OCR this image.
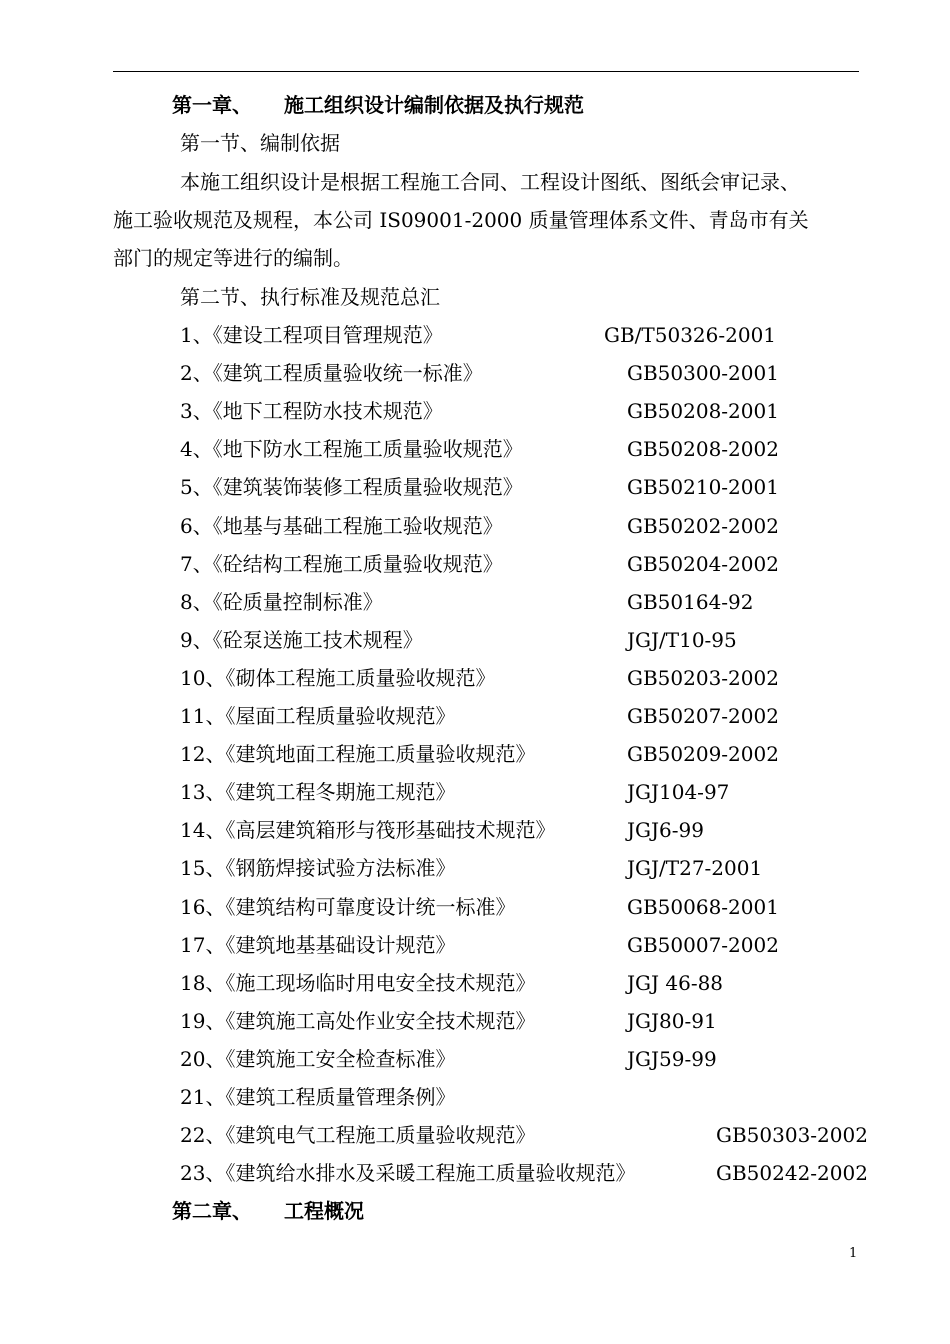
第一章、 施工组织设计编制依据及执行规范
第一节、编制依据
本施工组织设计是根据工程施工合同、工程设计图纸、图纸会审记录、
施工验收规范及规程，本公司 IS09001-2000 质量管理体系文件、青岛市有关
部门的规定等进行的编制。
第二节、执行标准及规范总汇
1、《建设工程项目管理规范》	GB/T50326-2001
2、《建筑工程质量验收统一标准》	GB50300-2001
3、《地下工程防水技术规范》	GB50208-2001
4、《地下防水工程施工质量验收规范》	GB50208-2002
5、《建筑装饰装修工程质量验收规范》	GB50210-2001
6、《地基与基础工程施工验收规范》	GB50202-2002
7、《砼结构工程施工质量验收规范》	GB50204-2002
8、《砼质量控制标准》	GB50164-92
9、《砼泵送施工技术规程》	JGJ/T10-95
10、《砌体工程施工质量验收规范》	GB50203-2002
11、《屋面工程质量验收规范》	GB50207-2002
12、《建筑地面工程施工质量验收规范》	GB50209-2002
13、《建筑工程冬期施工规范》	JGJ104-97
14、《高层建筑箱形与筏形基础技术规范》	JGJ6-99
15、《钢筋焊接试验方法标准》	JGJ/T27-2001
16、《建筑结构可靠度设计统一标准》	GB50068-2001
17、《建筑地基基础设计规范》	GB50007-2002
18、《施工现场临时用电安全技术规范》	JGJ 46-88
19、《建筑施工高处作业安全技术规范》	JGJ80-91
20、《建筑施工安全检查标准》	JGJ59-99
21、《建筑工程质量管理条例》
22、《建筑电气工程施工质量验收规范》	GB50303-2002
23、《建筑给水排水及采暖工程施工质量验收规范》	GB50242-2002
第二章、 工程概况
1
